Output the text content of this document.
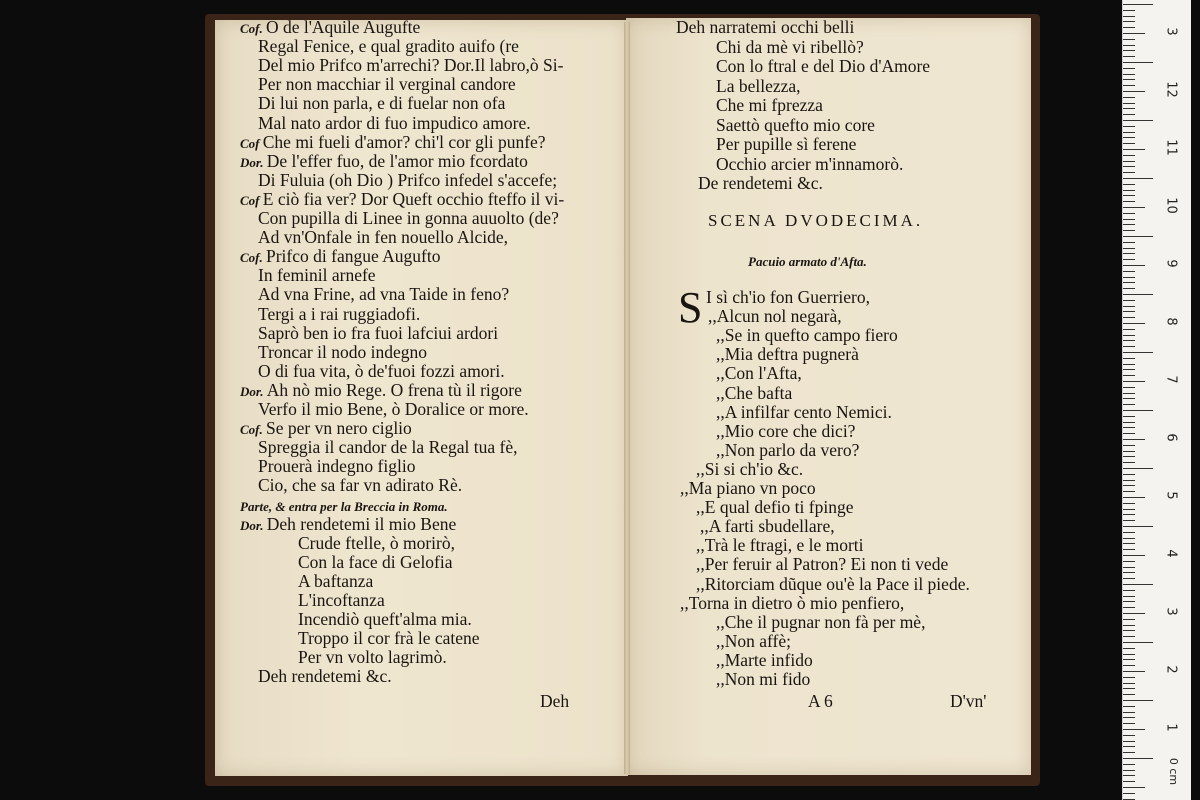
Cof. O de l'Aquile Augufte
Regal Fenice, e qual gradito auifo (re
Del mio Prifco m'arrechi? Dor.Il labro,ò Si-
Per non macchiar il verginal candore
Di lui non parla, e di fuelar non ofa
Mal nato ardor di fuo impudico amore.
Cof Che mi fueli d'amor? chi'l cor gli punfe?
Dor. De l'effer fuo, de l'amor mio fcordato
Di Fuluia (oh Dio ) Prifco infedel s'accefe;
Cof E ciò fia ver? Dor Queft occhio fteffo il vi-
Con pupilla di Linee in gonna auuolto (de?
Ad vn'Onfale in fen nouello Alcide,
Cof. Prifco di fangue Augufto
In feminil arnefe
Ad vna Frine, ad vna Taide in feno?
Tergi a i rai ruggiadofi.
Saprò ben io fra fuoi lafciui ardori
Troncar il nodo indegno
O di fua vita, ò de'fuoi fozzi amori.
Dor. Ah nò mio Rege. O frena tù il rigore
Verfo il mio Bene, ò Doralice or more.
Cof. Se per vn nero ciglio
Spreggia il candor de la Regal tua fè,
Prouerà indegno figlio
Cio, che sa far vn adirato Rè.
Parte, & entra per la Breccia in Roma.
Dor. Deh rendetemi il mio Bene
Crude ftelle, ò morirò,
Con la face di Gelofia
A baftanza
L'incoftanza
Incendiò queft'alma mia.
Troppo il cor frà le catene
Per vn volto lagrimò.
Deh rendetemi &c.
Deh narratemi occhi belli
Chi da mè vi ribellò?
Con lo ftral e del Dio d'Amore
La bellezza,
Che mi fprezza
Saettò quefto mio core
Per pupille sì ferene
Occhio arcier m'innamorò.
De rendetemi &c.
I sì ch'io fon Guerriero,
,,Alcun nol negarà,
,,Se in quefto campo fiero
,,Mia deftra pugnerà
,,Con l'Afta,
,,Che bafta
,,A infilfar cento Nemici.
,,Mio core che dici?
,,Non parlo da vero?
,,Si si ch'io &c.
,,Ma piano vn poco
,,E qual defio ti fpinge
,,A farti sbudellare,
,,Trà le ftragi, e le morti
,,Per feruir al Patron? Ei non ti vede
,,Ritorciam dũque ou'è la Pace il piede.
,,Torna in dietro ò mio penfiero,
,,Che il pugnar non fà per mè,
,,Non affè;
,,Marte infido
,,Non mi fido
Deh
SCENA DVODECIMA.
Pacuio armato d'Afta.
S
A 6	D'vn'
3
12
11
10
9
8
7
6
5
4
3
2
1
0 cm
